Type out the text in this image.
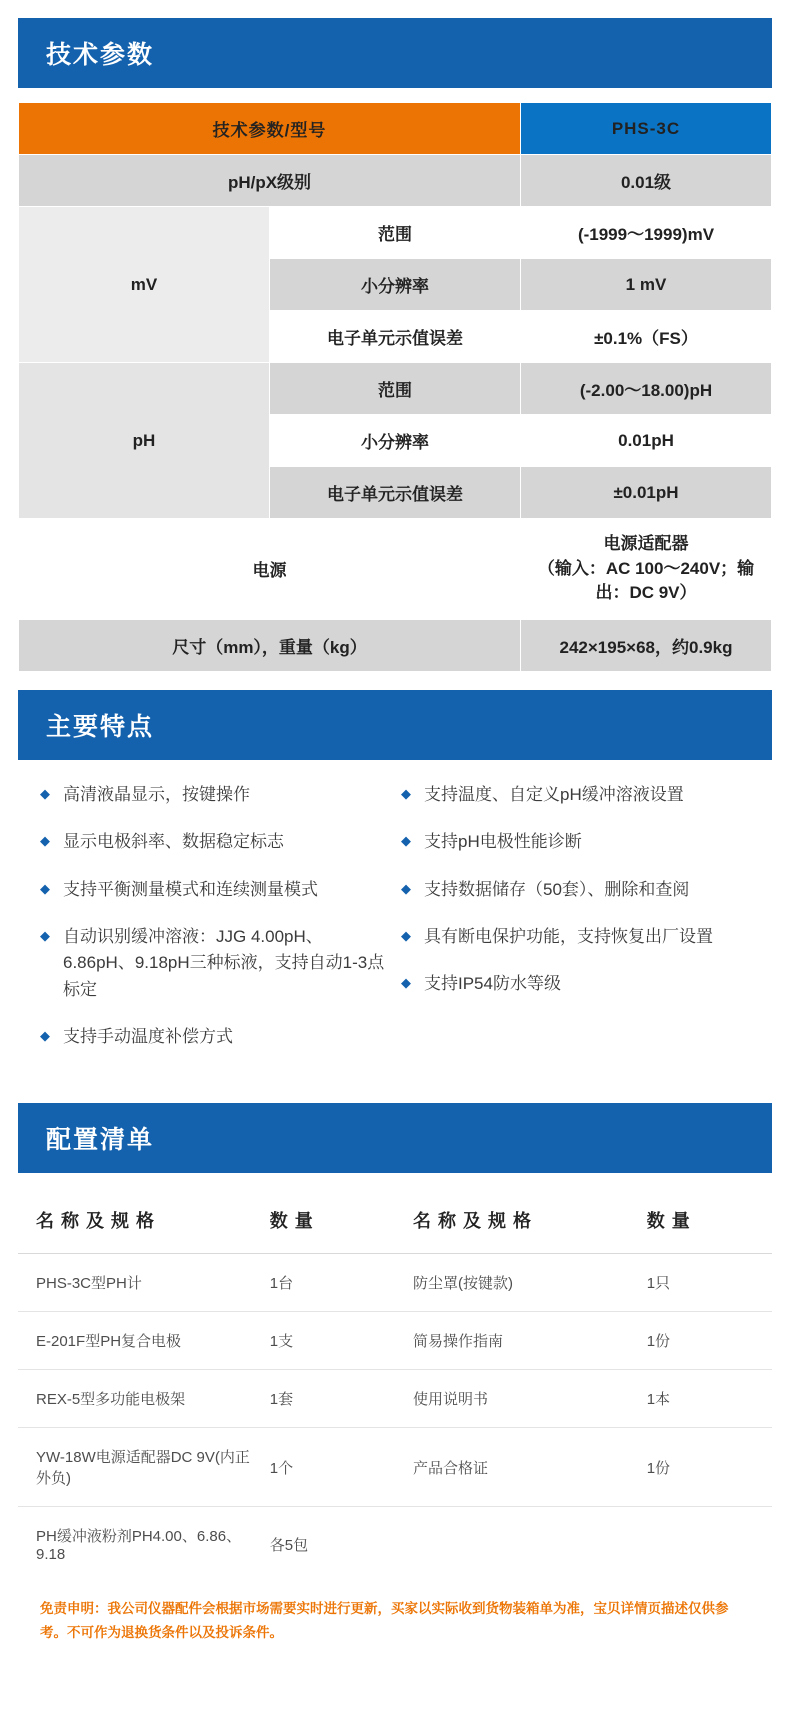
技术参数
技术参数/型号		PHS-3C
pH/pX级别		0.01级
mV	范围	(-1999～1999)mV
	小分辨率	1 mV
	电子单元示值误差	±0.1%（FS）
pH	范围	(-2.00～18.00)pH
	小分辨率	0.01pH
	电子单元示值误差	±0.01pH
电源		电源适配器
（输入：AC 100～240V；输出：DC 9V）

尺寸（mm），重量（kg）		242×195×68，约0.9kg
主要特点
◆ 高清液晶显示，按键操作
◆ 显示电极斜率、数据稳定标志
◆ 支持平衡测量模式和连续测量模式
◆ 自动识别缓冲溶液：JJG 4.00pH、6.86pH、9.18pH三种标液，支持自动1-3点标定
◆ 支持手动温度补偿方式
◆ 支持温度、自定义pH缓冲溶液设置
◆ 支持pH电极性能诊断
◆ 支持数据储存（50套）、删除和查阅
◆ 具有断电保护功能，支持恢复出厂设置
◆ 支持IP54防水等级
配置清单
名 称 及 规 格	数 量	名 称 及 规 格	数 量
PHS-3C型PH计	1台	防尘罩(按键款)	1只
E-201F型PH复合电极	1支	简易操作指南	1份
REX-5型多功能电极架	1套	使用说明书	1本
YW-18W电源适配器DC 9V(内正外负)	1个	产品合格证	1份
PH缓冲液粉剂PH4.00、6.86、9.18	各5包		
免责申明：我公司仪器配件会根据市场需要实时进行更新，买家以实际收到货物装箱单为准，宝贝详情页描述仅供参考。不可作为退换货条件以及投诉条件。
